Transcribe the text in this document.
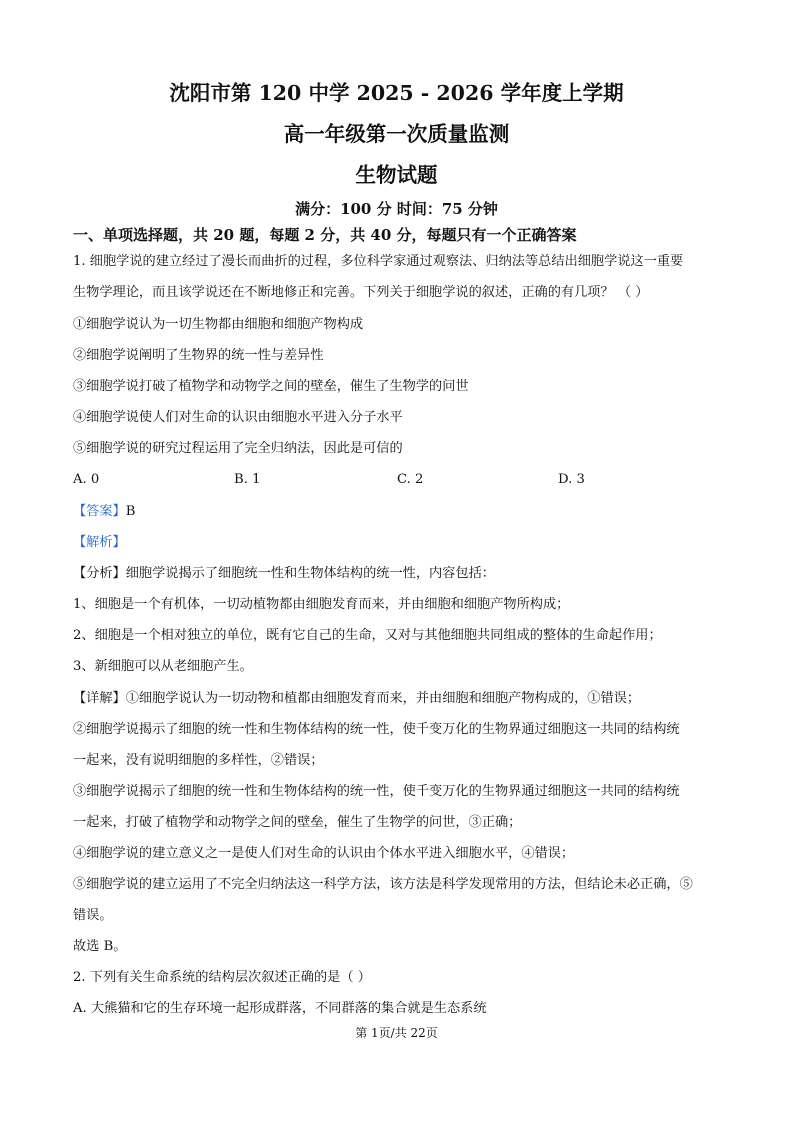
沈阳市第 120 中学 2025 - 2026 学年度上学期
高一年级第一次质量监测
生物试题
满分：100 分 时间：75 分钟
一、单项选择题，共 20 题，每题 2 分，共 40 分，每题只有一个正确答案
1. 细胞学说的建立经过了漫长而曲折的过程，多位科学家通过观察法、归纳法等总结出细胞学说这一重要
生物学理论，而且该学说还在不断地修正和完善。下列关于细胞学说的叙述，正确的有几项？ （ ）
①细胞学说认为一切生物都由细胞和细胞产物构成
②细胞学说阐明了生物界的统一性与差异性
③细胞学说打破了植物学和动物学之间的壁垒，催生了生物学的问世
④细胞学说使人们对生命的认识由细胞水平进入分子水平
⑤细胞学说的研究过程运用了完全归纳法，因此是可信的
A. 0	B. 1	C. 2	D. 3
【答案】B
【解析】
【分析】细胞学说揭示了细胞统一性和生物体结构的统一性，内容包括：
1、细胞是一个有机体，一切动植物都由细胞发育而来，并由细胞和细胞产物所构成；
2、细胞是一个相对独立的单位，既有它自己的生命，又对与其他细胞共同组成的整体的生命起作用；
3、新细胞可以从老细胞产生。
【详解】①细胞学说认为一切动物和植都由细胞发育而来，并由细胞和细胞产物构成的，①错误；
②细胞学说揭示了细胞的统一性和生物体结构的统一性，使千变万化的生物界通过细胞这一共同的结构统
一起来，没有说明细胞的多样性，②错误；
③细胞学说揭示了细胞的统一性和生物体结构的统一性，使千变万化的生物界通过细胞这一共同的结构统
一起来，打破了植物学和动物学之间的壁垒，催生了生物学的问世，③正确；
④细胞学说的建立意义之一是使人们对生命的认识由个体水平进入细胞水平，④错误；
⑤细胞学说的建立运用了不完全归纳法这一科学方法，该方法是科学发现常用的方法，但结论未必正确，⑤
错误。
故选 B。
2. 下列有关生命系统的结构层次叙述正确的是（ ）
A. 大熊猫和它的生存环境一起形成群落，不同群落的集合就是生态系统
第 1页/共 22页
